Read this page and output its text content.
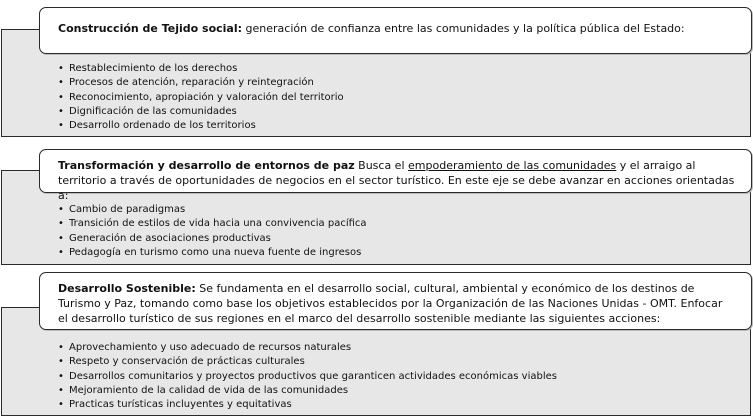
Construcción de Tejido social: generación de confianza entre las comunidades y la política pública del Estado:
• Restablecimiento de los derechos
• Procesos de atención, reparación y reintegración
• Reconocimiento, apropiación y valoración del territorio
• Dignificación de las comunidades
• Desarrollo ordenado de los territorios
Transformación y desarrollo de entornos de paz Busca el empoderamiento de las comunidades y el arraigo al territorio a través de oportunidades de negocios en el sector turístico. En este eje se debe avanzar en acciones orientadas a:
• Cambio de paradigmas
• Transición de estilos de vida hacia una convivencia pacífica
• Generación de asociaciones productivas
• Pedagogía en turismo como una nueva fuente de ingresos
Desarrollo Sostenible: Se fundamenta en el desarrollo social, cultural, ambiental y económico de los destinos de Turismo y Paz, tomando como base los objetivos establecidos por la Organización de las Naciones Unidas - OMT. Enfocar el desarrollo turístico de sus regiones en el marco del desarrollo sostenible mediante las siguientes acciones:
• Aprovechamiento y uso adecuado de recursos naturales
• Respeto y conservación de prácticas culturales
• Desarrollos comunitarios y proyectos productivos que garanticen actividades económicas viables
• Mejoramiento de la calidad de vida de las comunidades
• Practicas turísticas incluyentes y equitativas
